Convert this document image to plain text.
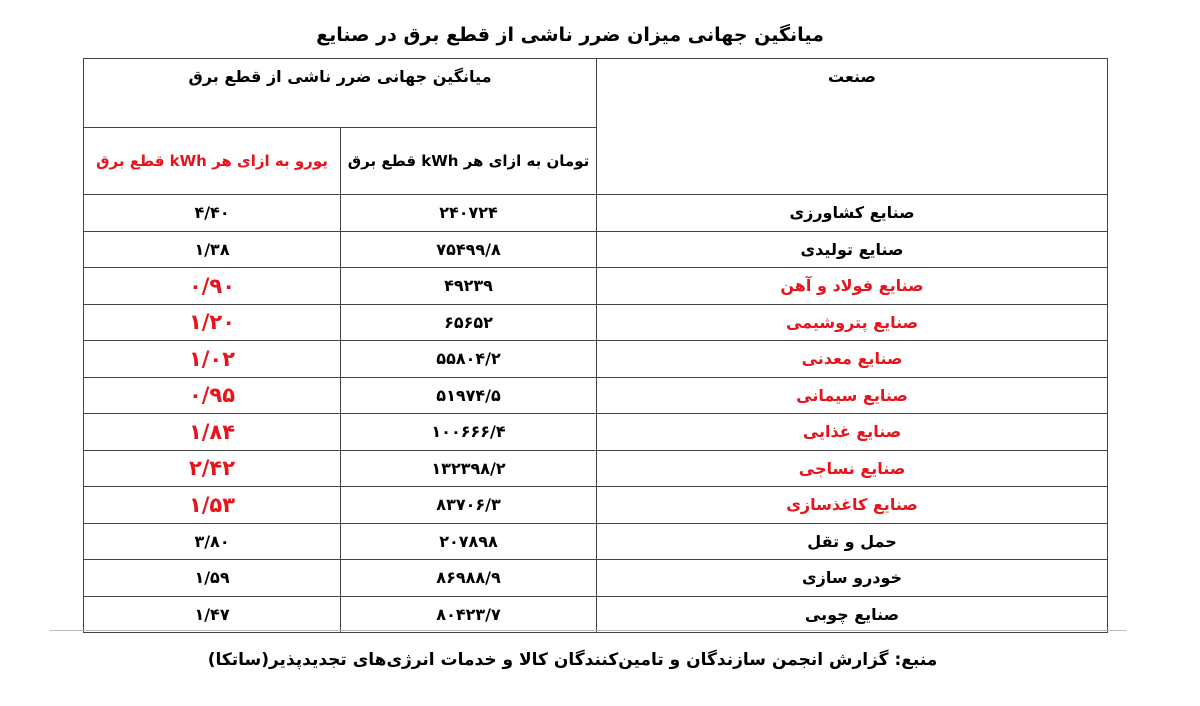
میانگین جهانی میزان ضرر ناشی از قطع برق در صنایع
صنعت	میانگین جهانی ضرر ناشی از قطع برق	

	تومان به ازای هر kWh قطع برق	یورو به ازای هر kWh قطع برق

صنایع کشاورزی	۲۴۰۷۲۴	۴/۴۰
صنایع تولیدی	۷۵۴۹۹/۸	۱/۳۸
صنایع فولاد و آهن	۴۹۲۳۹	۰/۹۰
صنایع پتروشیمی	۶۵۶۵۲	۱/۲۰
صنایع معدنی	۵۵۸۰۴/۲	۱/۰۲
صنایع سیمانی	۵۱۹۷۴/۵	۰/۹۵
صنایع غذایی	۱۰۰۶۶۶/۴	۱/۸۴
صنایع نساجی	۱۳۲۳۹۸/۲	۲/۴۲
صنایع کاغذسازی	۸۳۷۰۶/۳	۱/۵۳
حمل و تقل	۲۰۷۸۹۸	۳/۸۰
خودرو سازی	۸۶۹۸۸/۹	۱/۵۹
صنایع چوبی	۸۰۴۲۳/۷	۱/۴۷
منبع: گزارش انجمن سازندگان و تامین‌کنندگان کالا و خدمات انرژی‌های تجدیدپذیر(ساتکا)
